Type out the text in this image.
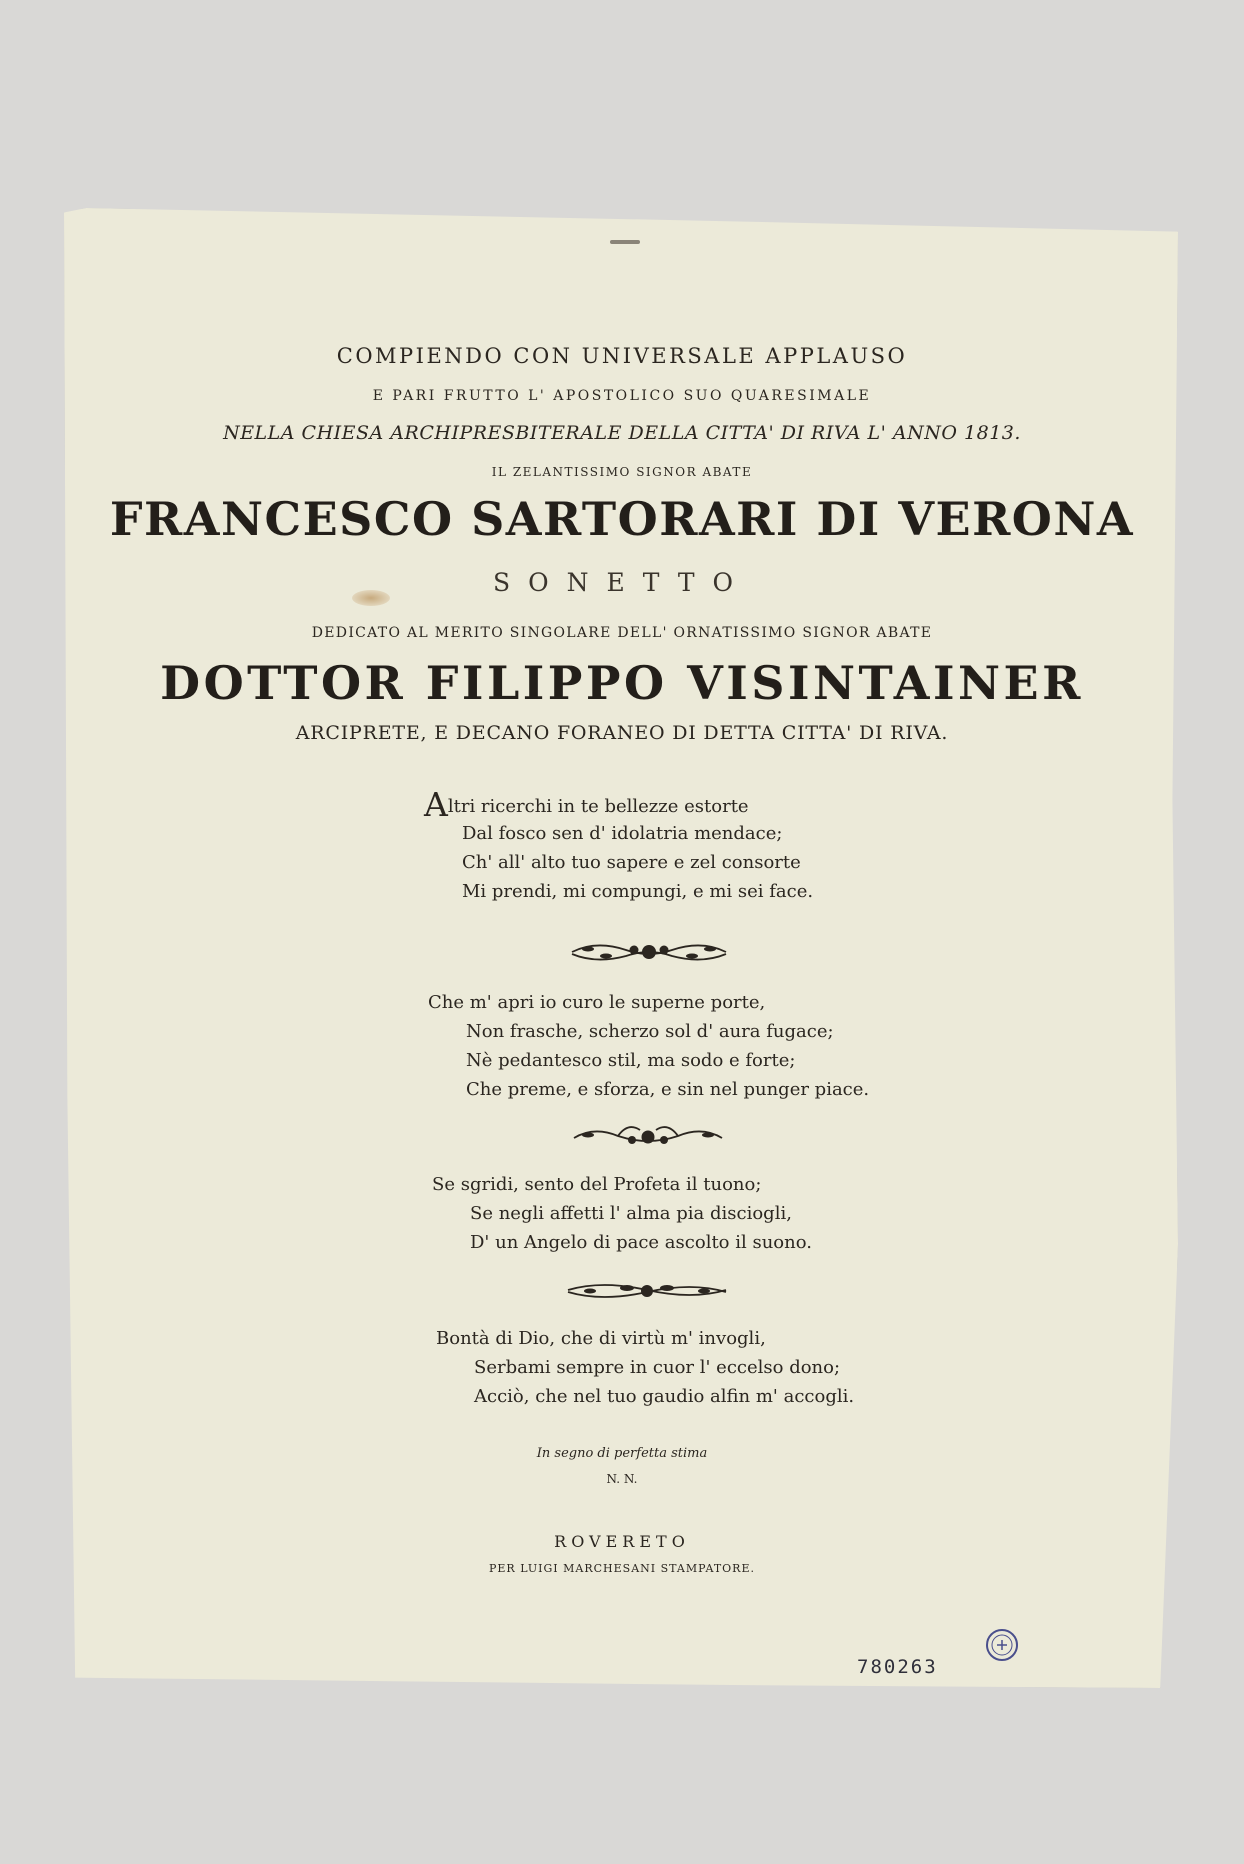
COMPIENDO CON UNIVERSALE APPLAUSO
E PARI FRUTTO L' APOSTOLICO SUO QUARESIMALE
NELLA CHIESA ARCHIPRESBITERALE DELLA CITTA' DI RIVA L' ANNO 1813.
IL ZELANTISSIMO SIGNOR ABATE
FRANCESCO SARTORARI DI VERONA
SONETTO
DEDICATO AL MERITO SINGOLARE DELL' ORNATISSIMO SIGNOR ABATE
DOTTOR FILIPPO VISINTAINER
ARCIPRETE, E DECANO FORANEO DI DETTA CITTA' DI RIVA.
Altri ricerchi in te bellezze estorte
Dal fosco sen d' idolatria mendace;
Ch' all' alto tuo sapere e zel consorte
Mi prendi, mi compungi, e mi sei face.
Che m' apri io curo le superne porte,
Non frasche, scherzo sol d' aura fugace;
Nè pedantesco stil, ma sodo e forte;
Che preme, e sforza, e sin nel punger piace.
Se sgridi, sento del Profeta il tuono;
Se negli affetti l' alma pia disciogli,
D' un Angelo di pace ascolto il suono.
Bontà di Dio, che di virtù m' invogli,
Serbami sempre in cuor l' eccelso dono;
Acciò, che nel tuo gaudio alfin m' accogli.
In segno di perfetta stima
N. N.
ROVERETO
PER LUIGI MARCHESANI STAMPATORE.
780263
